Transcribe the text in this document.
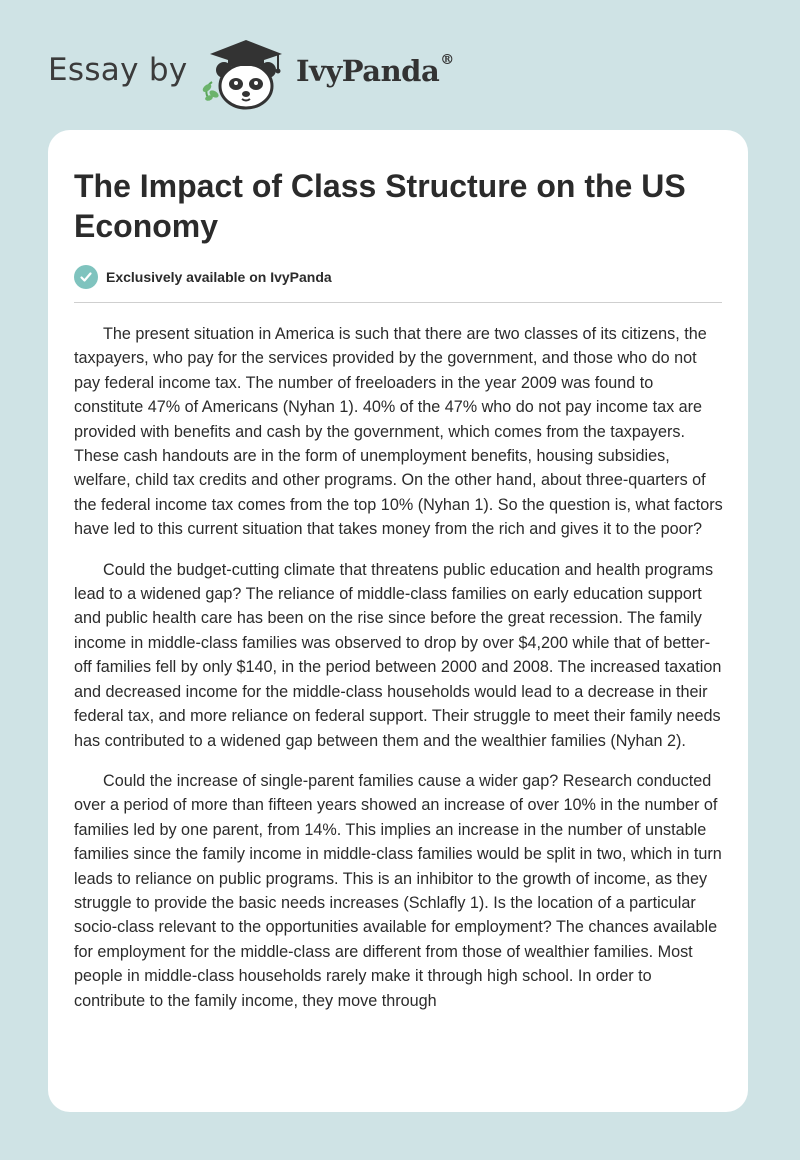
Essay by	IvyPanda®
The Impact of Class Structure on the US Economy
Exclusively available on IvyPanda

The present situation in America is such that there are two classes of its citizens, the taxpayers, who pay for the services provided by the government, and those who do not pay federal income tax. The number of freeloaders in the year 2009 was found to constitute 47% of Americans (Nyhan 1). 40% of the 47% who do not pay income tax are provided with benefits and cash by the government, which comes from the taxpayers. These cash handouts are in the form of unemployment benefits, housing subsidies, welfare, child tax credits and other programs. On the other hand, about three-quarters of the federal income tax comes from the top 10% (Nyhan 1). So the question is, what factors have led to this current situation that takes money from the rich and gives it to the poor?

Could the budget-cutting climate that threatens public education and health programs lead to a widened gap? The reliance of middle-class families on early education support and public health care has been on the rise since before the great recession. The family income in middle-class families was observed to drop by over $4,200 while that of better-off families fell by only $140, in the period between 2000 and 2008. The increased taxation and decreased income for the middle-class households would lead to a decrease in their federal tax, and more reliance on federal support. Their struggle to meet their family needs has contributed to a widened gap between them and the wealthier families (Nyhan 2).

Could the increase of single-parent families cause a wider gap? Research conducted over a period of more than fifteen years showed an increase of over 10% in the number of families led by one parent, from 14%. This implies an increase in the number of unstable families since the family income in middle-class families would be split in two, which in turn leads to reliance on public programs. This is an inhibitor to the growth of income, as they struggle to provide the basic needs increases (Schlafly 1). Is the location of a particular socio-class relevant to the opportunities available for employment? The chances available for employment for the middle-class are different from those of wealthier families. Most people in middle-class households rarely make it through high school. In order to contribute to the family income, they move through
